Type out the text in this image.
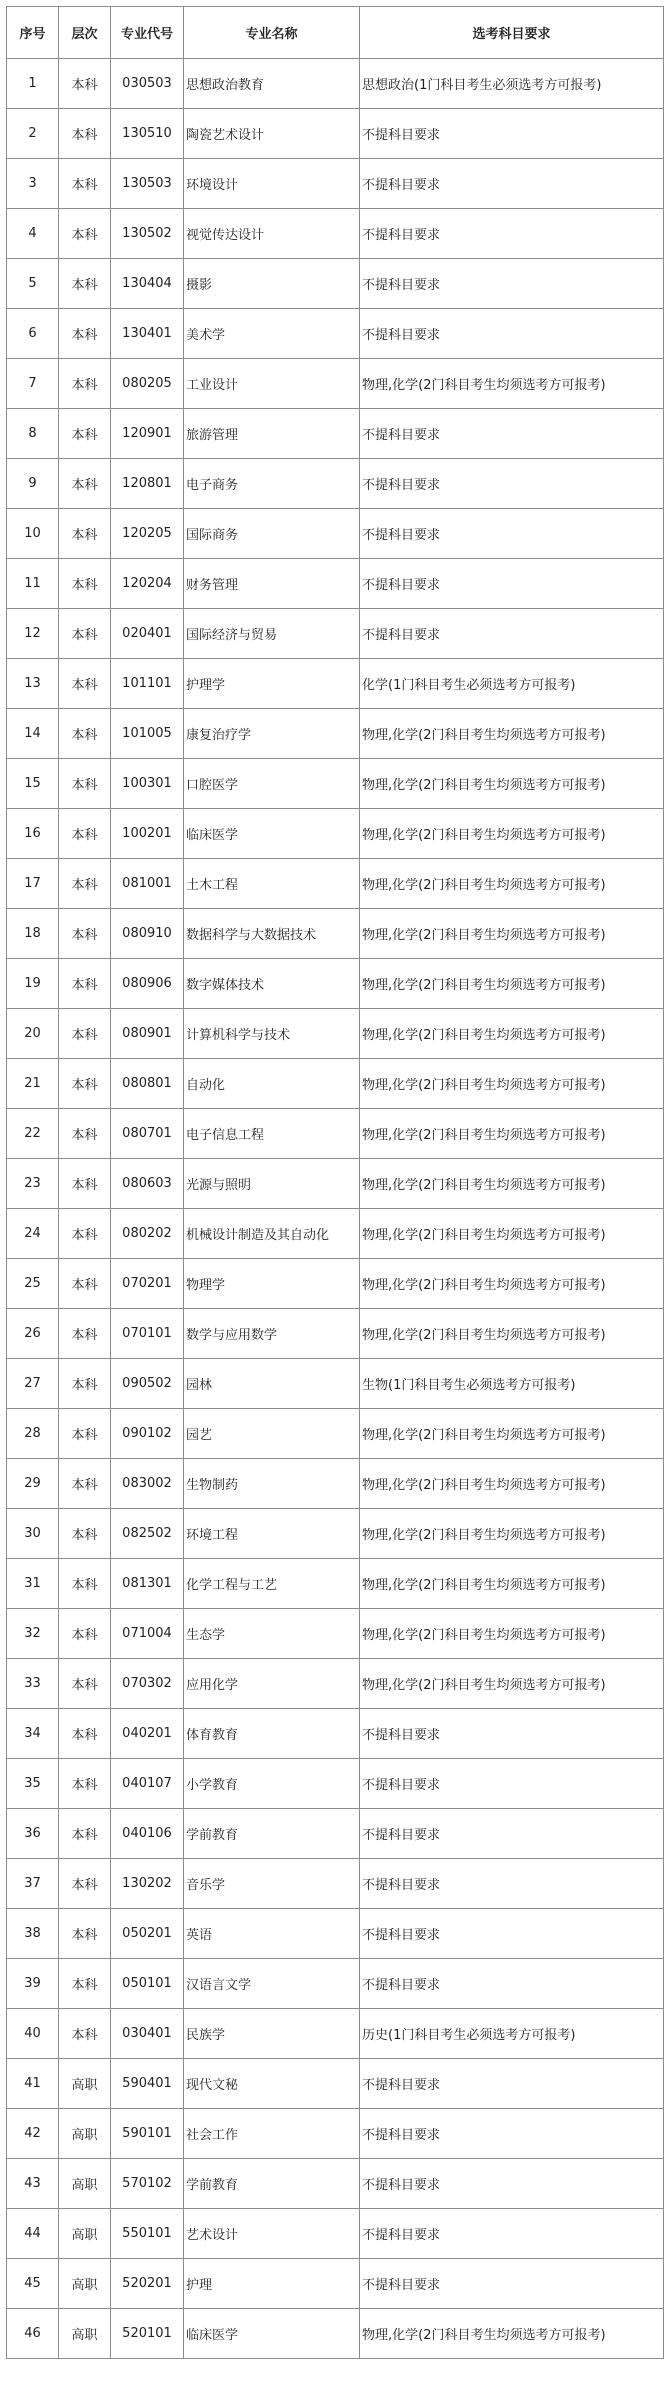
序号	层次	专业代号	专业名称	选考科目要求
1	本科	030503	思想政治教育	思想政治(1门科目考生必须选考方可报考)
2	本科	130510	陶瓷艺术设计	不提科目要求
3	本科	130503	环境设计	不提科目要求
4	本科	130502	视觉传达设计	不提科目要求
5	本科	130404	摄影	不提科目要求
6	本科	130401	美术学	不提科目要求
7	本科	080205	工业设计	物理,化学(2门科目考生均须选考方可报考)
8	本科	120901	旅游管理	不提科目要求
9	本科	120801	电子商务	不提科目要求
10	本科	120205	国际商务	不提科目要求
11	本科	120204	财务管理	不提科目要求
12	本科	020401	国际经济与贸易	不提科目要求
13	本科	101101	护理学	化学(1门科目考生必须选考方可报考)
14	本科	101005	康复治疗学	物理,化学(2门科目考生均须选考方可报考)
15	本科	100301	口腔医学	物理,化学(2门科目考生均须选考方可报考)
16	本科	100201	临床医学	物理,化学(2门科目考生均须选考方可报考)
17	本科	081001	土木工程	物理,化学(2门科目考生均须选考方可报考)
18	本科	080910	数据科学与大数据技术	物理,化学(2门科目考生均须选考方可报考)
19	本科	080906	数字媒体技术	物理,化学(2门科目考生均须选考方可报考)
20	本科	080901	计算机科学与技术	物理,化学(2门科目考生均须选考方可报考)
21	本科	080801	自动化	物理,化学(2门科目考生均须选考方可报考)
22	本科	080701	电子信息工程	物理,化学(2门科目考生均须选考方可报考)
23	本科	080603	光源与照明	物理,化学(2门科目考生均须选考方可报考)
24	本科	080202	机械设计制造及其自动化	物理,化学(2门科目考生均须选考方可报考)
25	本科	070201	物理学	物理,化学(2门科目考生均须选考方可报考)
26	本科	070101	数学与应用数学	物理,化学(2门科目考生均须选考方可报考)
27	本科	090502	园林	生物(1门科目考生必须选考方可报考)
28	本科	090102	园艺	物理,化学(2门科目考生均须选考方可报考)
29	本科	083002	生物制药	物理,化学(2门科目考生均须选考方可报考)
30	本科	082502	环境工程	物理,化学(2门科目考生均须选考方可报考)
31	本科	081301	化学工程与工艺	物理,化学(2门科目考生均须选考方可报考)
32	本科	071004	生态学	物理,化学(2门科目考生均须选考方可报考)
33	本科	070302	应用化学	物理,化学(2门科目考生均须选考方可报考)
34	本科	040201	体育教育	不提科目要求
35	本科	040107	小学教育	不提科目要求
36	本科	040106	学前教育	不提科目要求
37	本科	130202	音乐学	不提科目要求
38	本科	050201	英语	不提科目要求
39	本科	050101	汉语言文学	不提科目要求
40	本科	030401	民族学	历史(1门科目考生必须选考方可报考)
41	高职	590401	现代文秘	不提科目要求
42	高职	590101	社会工作	不提科目要求
43	高职	570102	学前教育	不提科目要求
44	高职	550101	艺术设计	不提科目要求
45	高职	520201	护理	不提科目要求
46	高职	520101	临床医学	物理,化学(2门科目考生均须选考方可报考)
